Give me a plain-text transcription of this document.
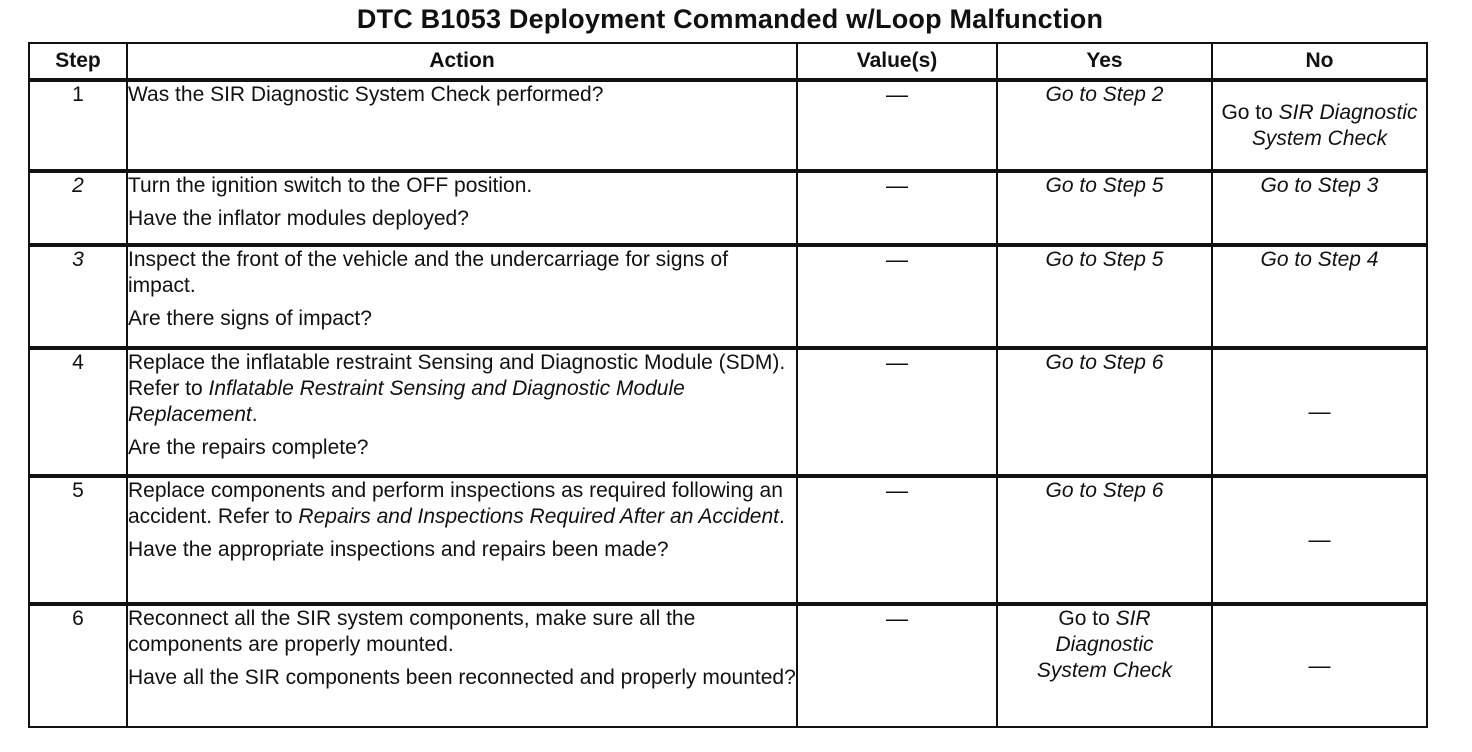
DTC B1053 Deployment Commanded w/Loop Malfunction
Step	Action	Value(s)	Yes	No
1	Was the SIR Diagnostic System Check performed?	—	Go to Step 2	Go to SIR Diagnostic System Check
2	Turn the ignition switch to the OFF position.
Have the inflator modules deployed?	—	Go to Step 5	Go to Step 3
3	Inspect the front of the vehicle and the undercarriage for signs of impact.
Are there signs of impact?	—	Go to Step 5	Go to Step 4
4	Replace the inflatable restraint Sensing and Diagnostic Module (SDM). Refer to Inflatable Restraint Sensing and Diagnostic Module Replacement.
Are the repairs complete?	—	Go to Step 6	—
5	Replace components and perform inspections as required following an accident. Refer to Repairs and Inspections Required After an Accident.
Have the appropriate inspections and repairs been made?	—	Go to Step 6	—
6	Reconnect all the SIR system components, make sure all the components are properly mounted.
Have all the SIR components been reconnected and properly mounted?	—	Go to SIR Diagnostic System Check	—
